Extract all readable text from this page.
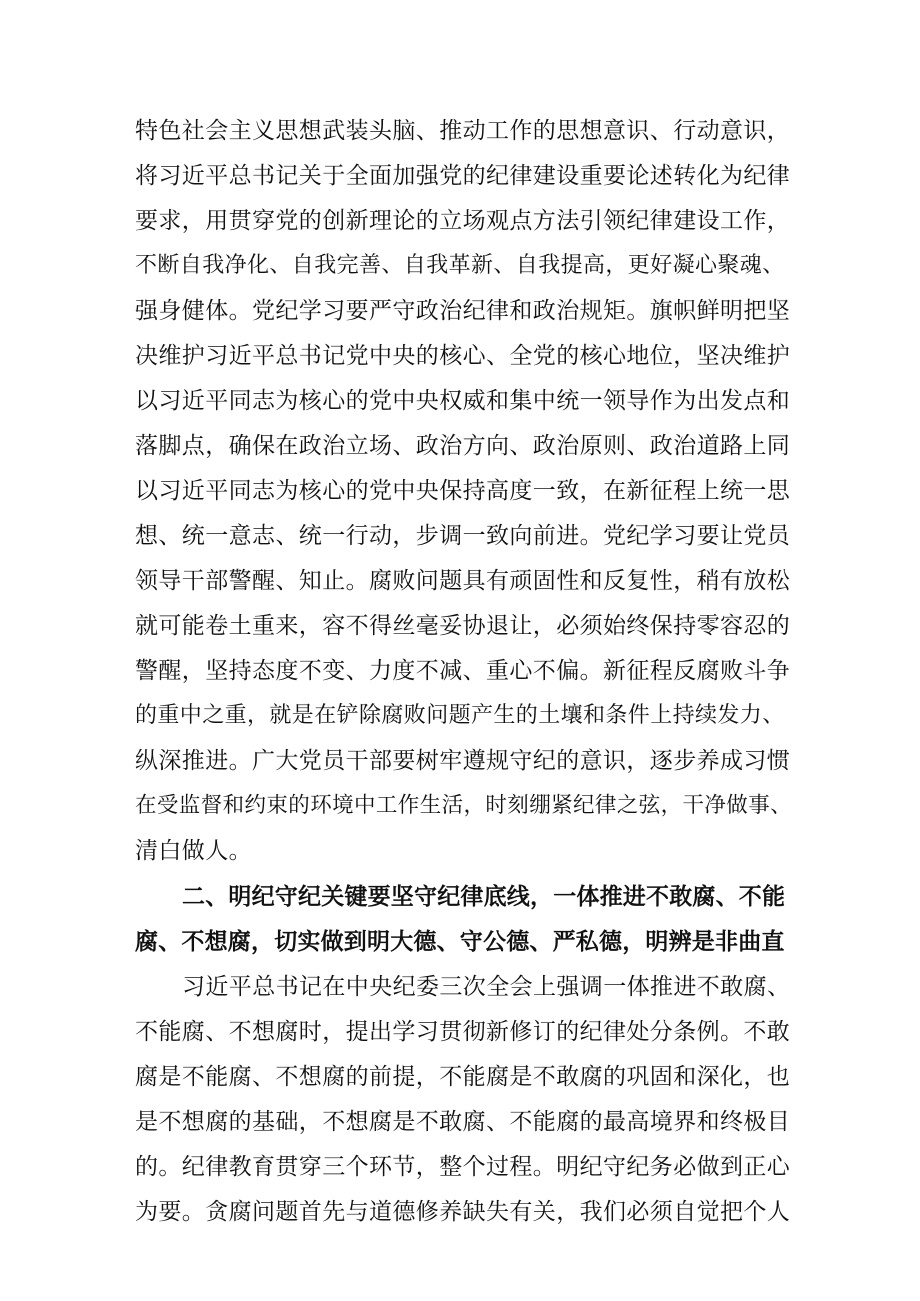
特色社会主义思想武装头脑、推动工作的思想意识、行动意识，
将习近平总书记关于全面加强党的纪律建设重要论述转化为纪律
要求，用贯穿党的创新理论的立场观点方法引领纪律建设工作，
不断自我净化、自我完善、自我革新、自我提高，更好凝心聚魂、
强身健体。党纪学习要严守政治纪律和政治规矩。旗帜鲜明把坚
决维护习近平总书记党中央的核心、全党的核心地位，坚决维护
以习近平同志为核心的党中央权威和集中统一领导作为出发点和
落脚点，确保在政治立场、政治方向、政治原则、政治道路上同
以习近平同志为核心的党中央保持高度一致，在新征程上统一思
想、统一意志、统一行动，步调一致向前进。党纪学习要让党员
领导干部警醒、知止。腐败问题具有顽固性和反复性，稍有放松
就可能卷土重来，容不得丝毫妥协退让，必须始终保持零容忍的
警醒，坚持态度不变、力度不减、重心不偏。新征程反腐败斗争
的重中之重，就是在铲除腐败问题产生的土壤和条件上持续发力、
纵深推进。广大党员干部要树牢遵规守纪的意识，逐步养成习惯
在受监督和约束的环境中工作生活，时刻绷紧纪律之弦，干净做事、
清白做人。
二、明纪守纪关键要坚守纪律底线，一体推进不敢腐、不能
腐、不想腐，切实做到明大德、守公德、严私德，明辨是非曲直
习近平总书记在中央纪委三次全会上强调一体推进不敢腐、
不能腐、不想腐时，提出学习贯彻新修订的纪律处分条例。不敢
腐是不能腐、不想腐的前提，不能腐是不敢腐的巩固和深化，也
是不想腐的基础，不想腐是不敢腐、不能腐的最高境界和终极目
的。纪律教育贯穿三个环节，整个过程。明纪守纪务必做到正心
为要。贪腐问题首先与道德修养缺失有关，我们必须自觉把个人
